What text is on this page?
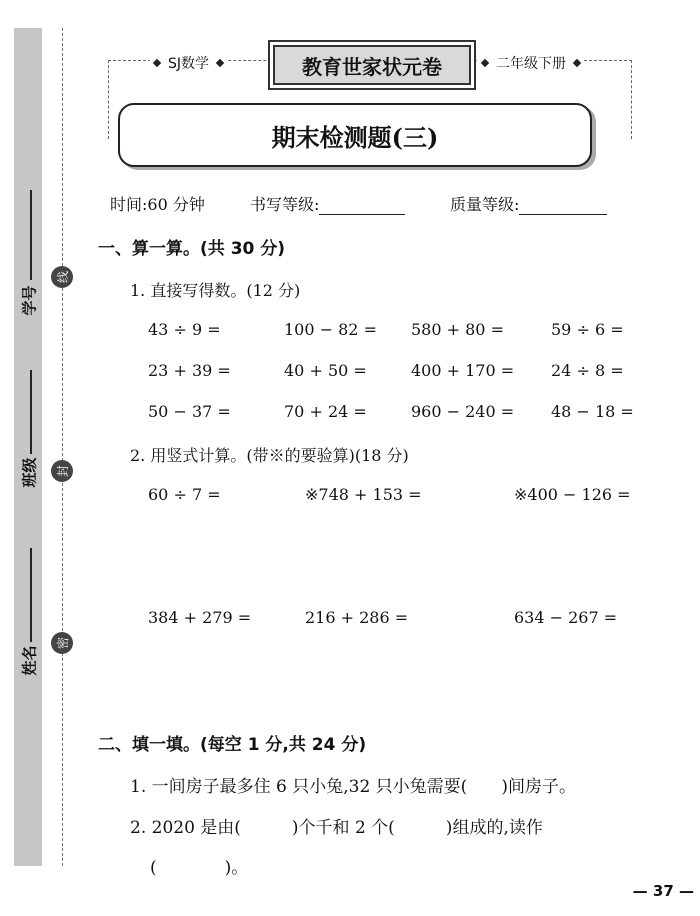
学号
班级
姓名
线
封
密
SJ数学	二年级下册
教育世家状元卷
期末检测题(三)
时间:60 分钟	书写等级:	质量等级:
一、算一算。(共 30 分)
1. 直接写得数。(12 分)
43 ÷ 9 =	100 − 82 = 580 + 80 =	59 ÷ 6 =
23 + 39 =	40 + 50 =	400 + 170 = 24 ÷ 8 =
50 − 37 =	70 + 24 =	960 − 240 = 48 − 18 =
2. 用竖式计算。(带※的要验算)(18 分)
60 ÷ 7 =	※748 + 153 =	※400 − 126 =
384 + 279 =	216 + 286 =	634 − 267 =
二、填一填。(每空 1 分,共 24 分)
1. 一间房子最多住 6 只小兔,32 只小兔需要(　　)间房子。
2. 2020 是由(　　　)个千和 2 个(　　　)组成的,读作
(　　　　)。
— 37 —
